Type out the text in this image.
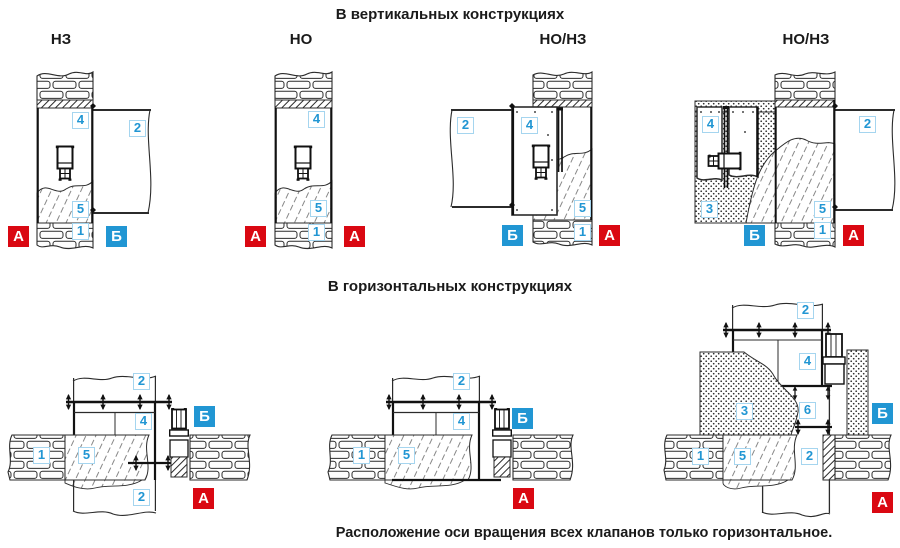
В вертикальных конструкциях
НЗ	НО	НО/НЗ	НО/НЗ
В горизонтальных конструкциях
Расположение оси вращения всех клапанов только горизонтальное.
4
2
5
1
А	Б
4
5
1
А	А
2	4
5
1
Б	А
4
3
2
5
1
Б	А
2
4
1	5
2
Б
А
2
4
1	5
Б
А
2
4
3	6
1	5	2
Б
А
